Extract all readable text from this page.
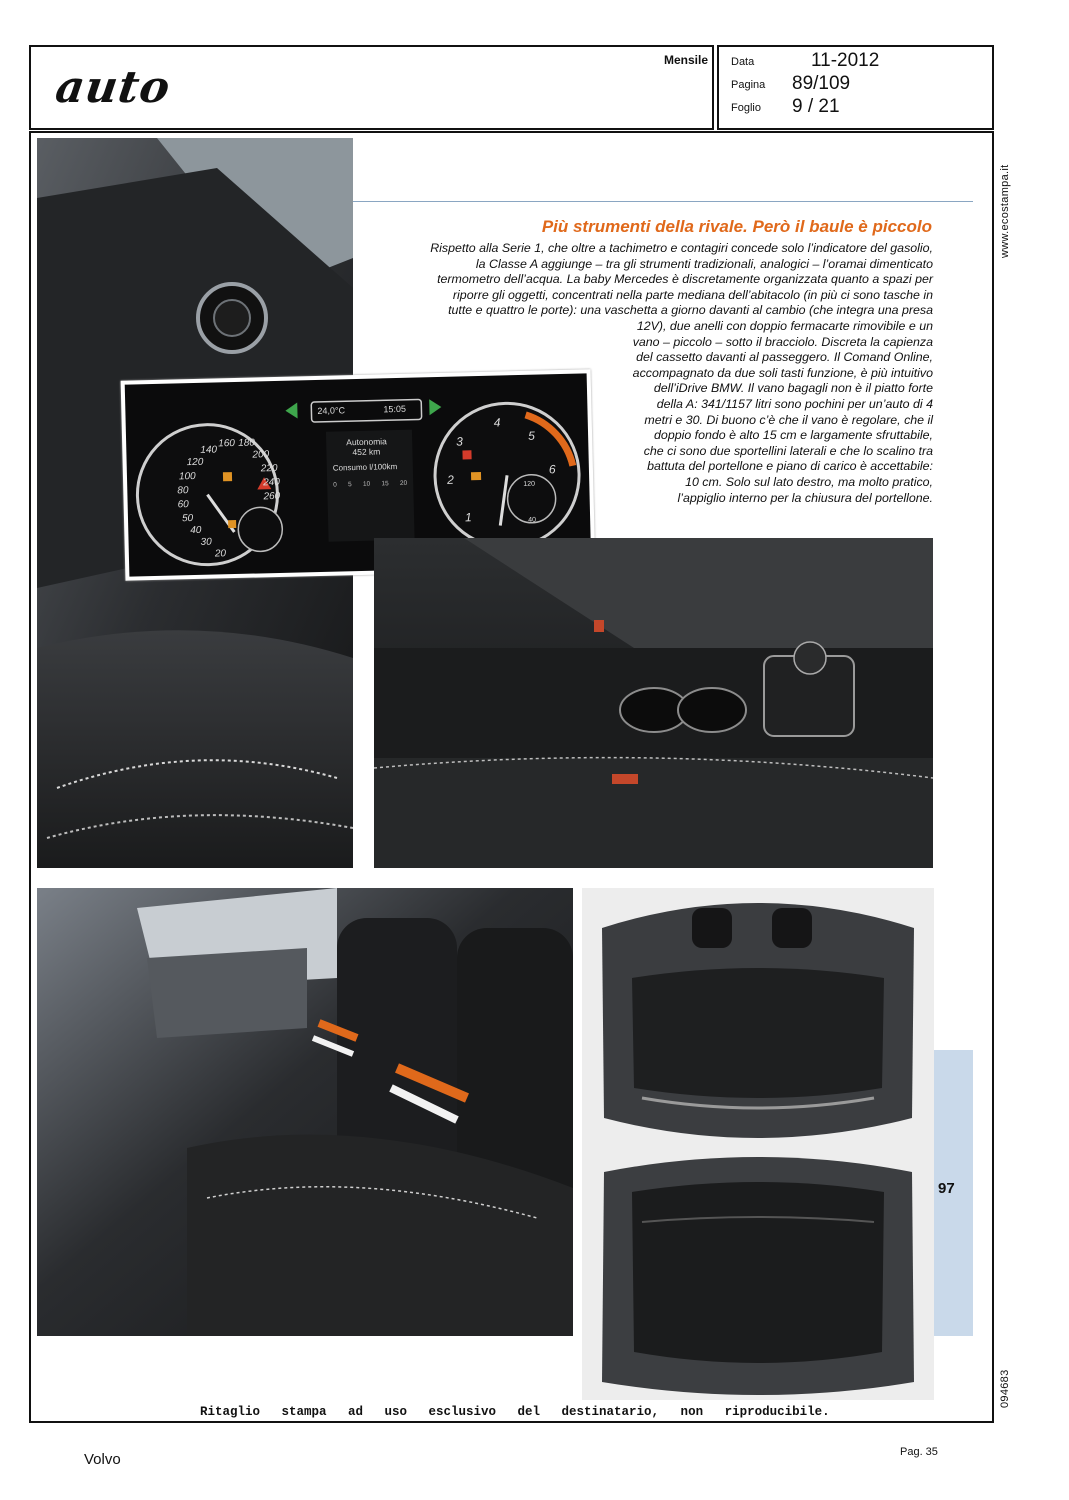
auto
Mensile Data	11-2012
Pagina 89/109
Foglio 9 / 21
Più strumenti della rivale. Però il baule è piccolo
Rispetto alla Serie 1, che oltre a tachimetro e contagiri concede solo l’indicatore del gasolio,
la Classe A aggiunge – tra gli strumenti tradizionali, analogici – l’oramai dimenticato
termometro dell’acqua. La baby Mercedes è discretamente organizzata quanto a spazi per
riporre gli oggetti, concentrati nella parte mediana dell’abitacolo (in più ci sono tasche in
tutte e quattro le porte): una vaschetta a giorno davanti al cambio (che integra una presa
12V), due anelli con doppio fermacarte rimovibile e un
vano – piccolo – sotto il bracciolo. Discreta la capienza
del cassetto davanti al passeggero. Il Comand Online,
accompagnato da due soli tasti funzione, è più intuitivo
dell’iDrive BMW. Il vano bagagli non è il piatto forte
della A: 341/1157 litri sono pochini per un’auto di 4
metri e 30. Di buono c’è che il vano è regolare, che il
doppio fondo è alto 15 cm e largamente sfruttabile,
che ci sono due sportellini laterali e che lo scalino tra
battuta del portellone e piano di carico è accettabile:
10 cm. Solo sul lato destro, ma molto pratico,
l’appiglio interno per la chiusura del portellone.
24,0°C	15:05
Autonomia
452 km
Consumo l/100km
0 5 10 15 20
20
30
40
50
60
80
100
120
140
160 180
200
220
240
260
1
2
3
4
5
6
40
120
97
www.ecostampa.it
094683
Ritaglio stampa ad uso esclusivo del destinatario, non riproducibile.
Volvo	Pag. 35
